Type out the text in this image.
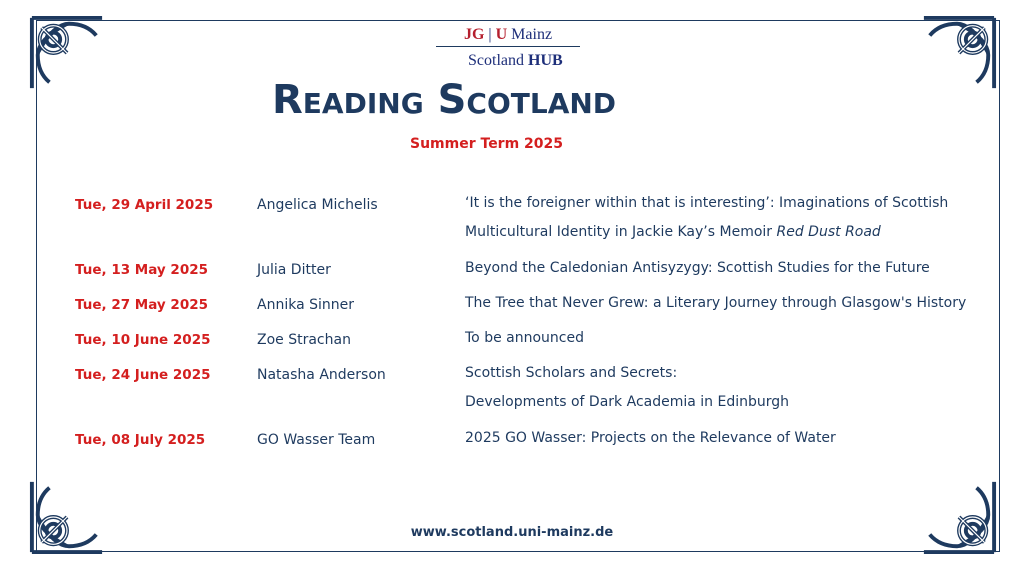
JG | U Mainz
Scotland HUB
Reading Scotland
Summer Term 2025
Tue, 29 April 2025	Angelica Michelis	‘It is the foreigner within that is interesting’: Imaginations of Scottish
Multicultural Identity in Jackie Kay’s Memoir Red Dust Road
Tue, 13 May 2025	Julia Ditter	Beyond the Caledonian Antisyzygy: Scottish Studies for the Future
Tue, 27 May 2025	Annika Sinner	The Tree that Never Grew: a Literary Journey through Glasgow's History
Tue, 10 June 2025	Zoe Strachan	To be announced
Tue, 24 June 2025	Natasha Anderson	Scottish Scholars and Secrets:
Developments of Dark Academia in Edinburgh
Tue, 08 July 2025	GO Wasser Team	2025 GO Wasser: Projects on the Relevance of Water
www.scotland.uni-mainz.de
